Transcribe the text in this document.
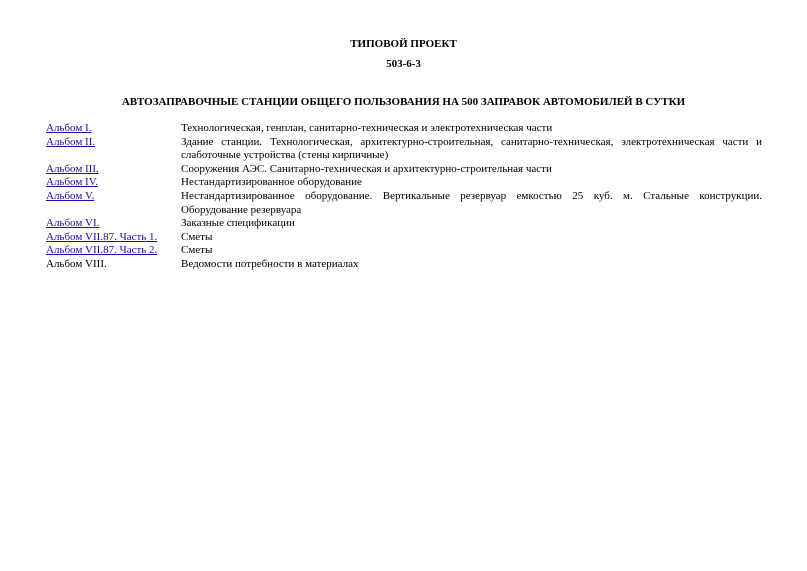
ТИПОВОЙ ПРОЕКТ
503-6-3
АВТОЗАПРАВОЧНЫЕ СТАНЦИИ ОБЩЕГО ПОЛЬЗОВАНИЯ НА 500 ЗАПРАВОК АВТОМОБИЛЕЙ В СУТКИ
Альбом I.	Технологическая, генплан, санитарно-техническая и электротехническая части
Альбом II.	Здание станции. Технологическая, архитектурно-строительная, санитарно-техническая, электротехническая части и слаботочные устройства (стены кирпичные)
Альбом III.	Сооружения АЭС. Санитарно-техническая и архитектурно-строительная части
Альбом IV.	Нестандартизированное оборудование
Альбом V.	Нестандартизированное оборудование. Вертикальные резервуар емкостью 25 куб. м. Стальные конструкции. Оборудование резервуара
Альбом VI.	Заказные спецификации
Альбом VII.87. Часть 1.	Сметы
Альбом VII.87. Часть 2.	Сметы
Альбом VIII.	Ведомости потребности в материалах
